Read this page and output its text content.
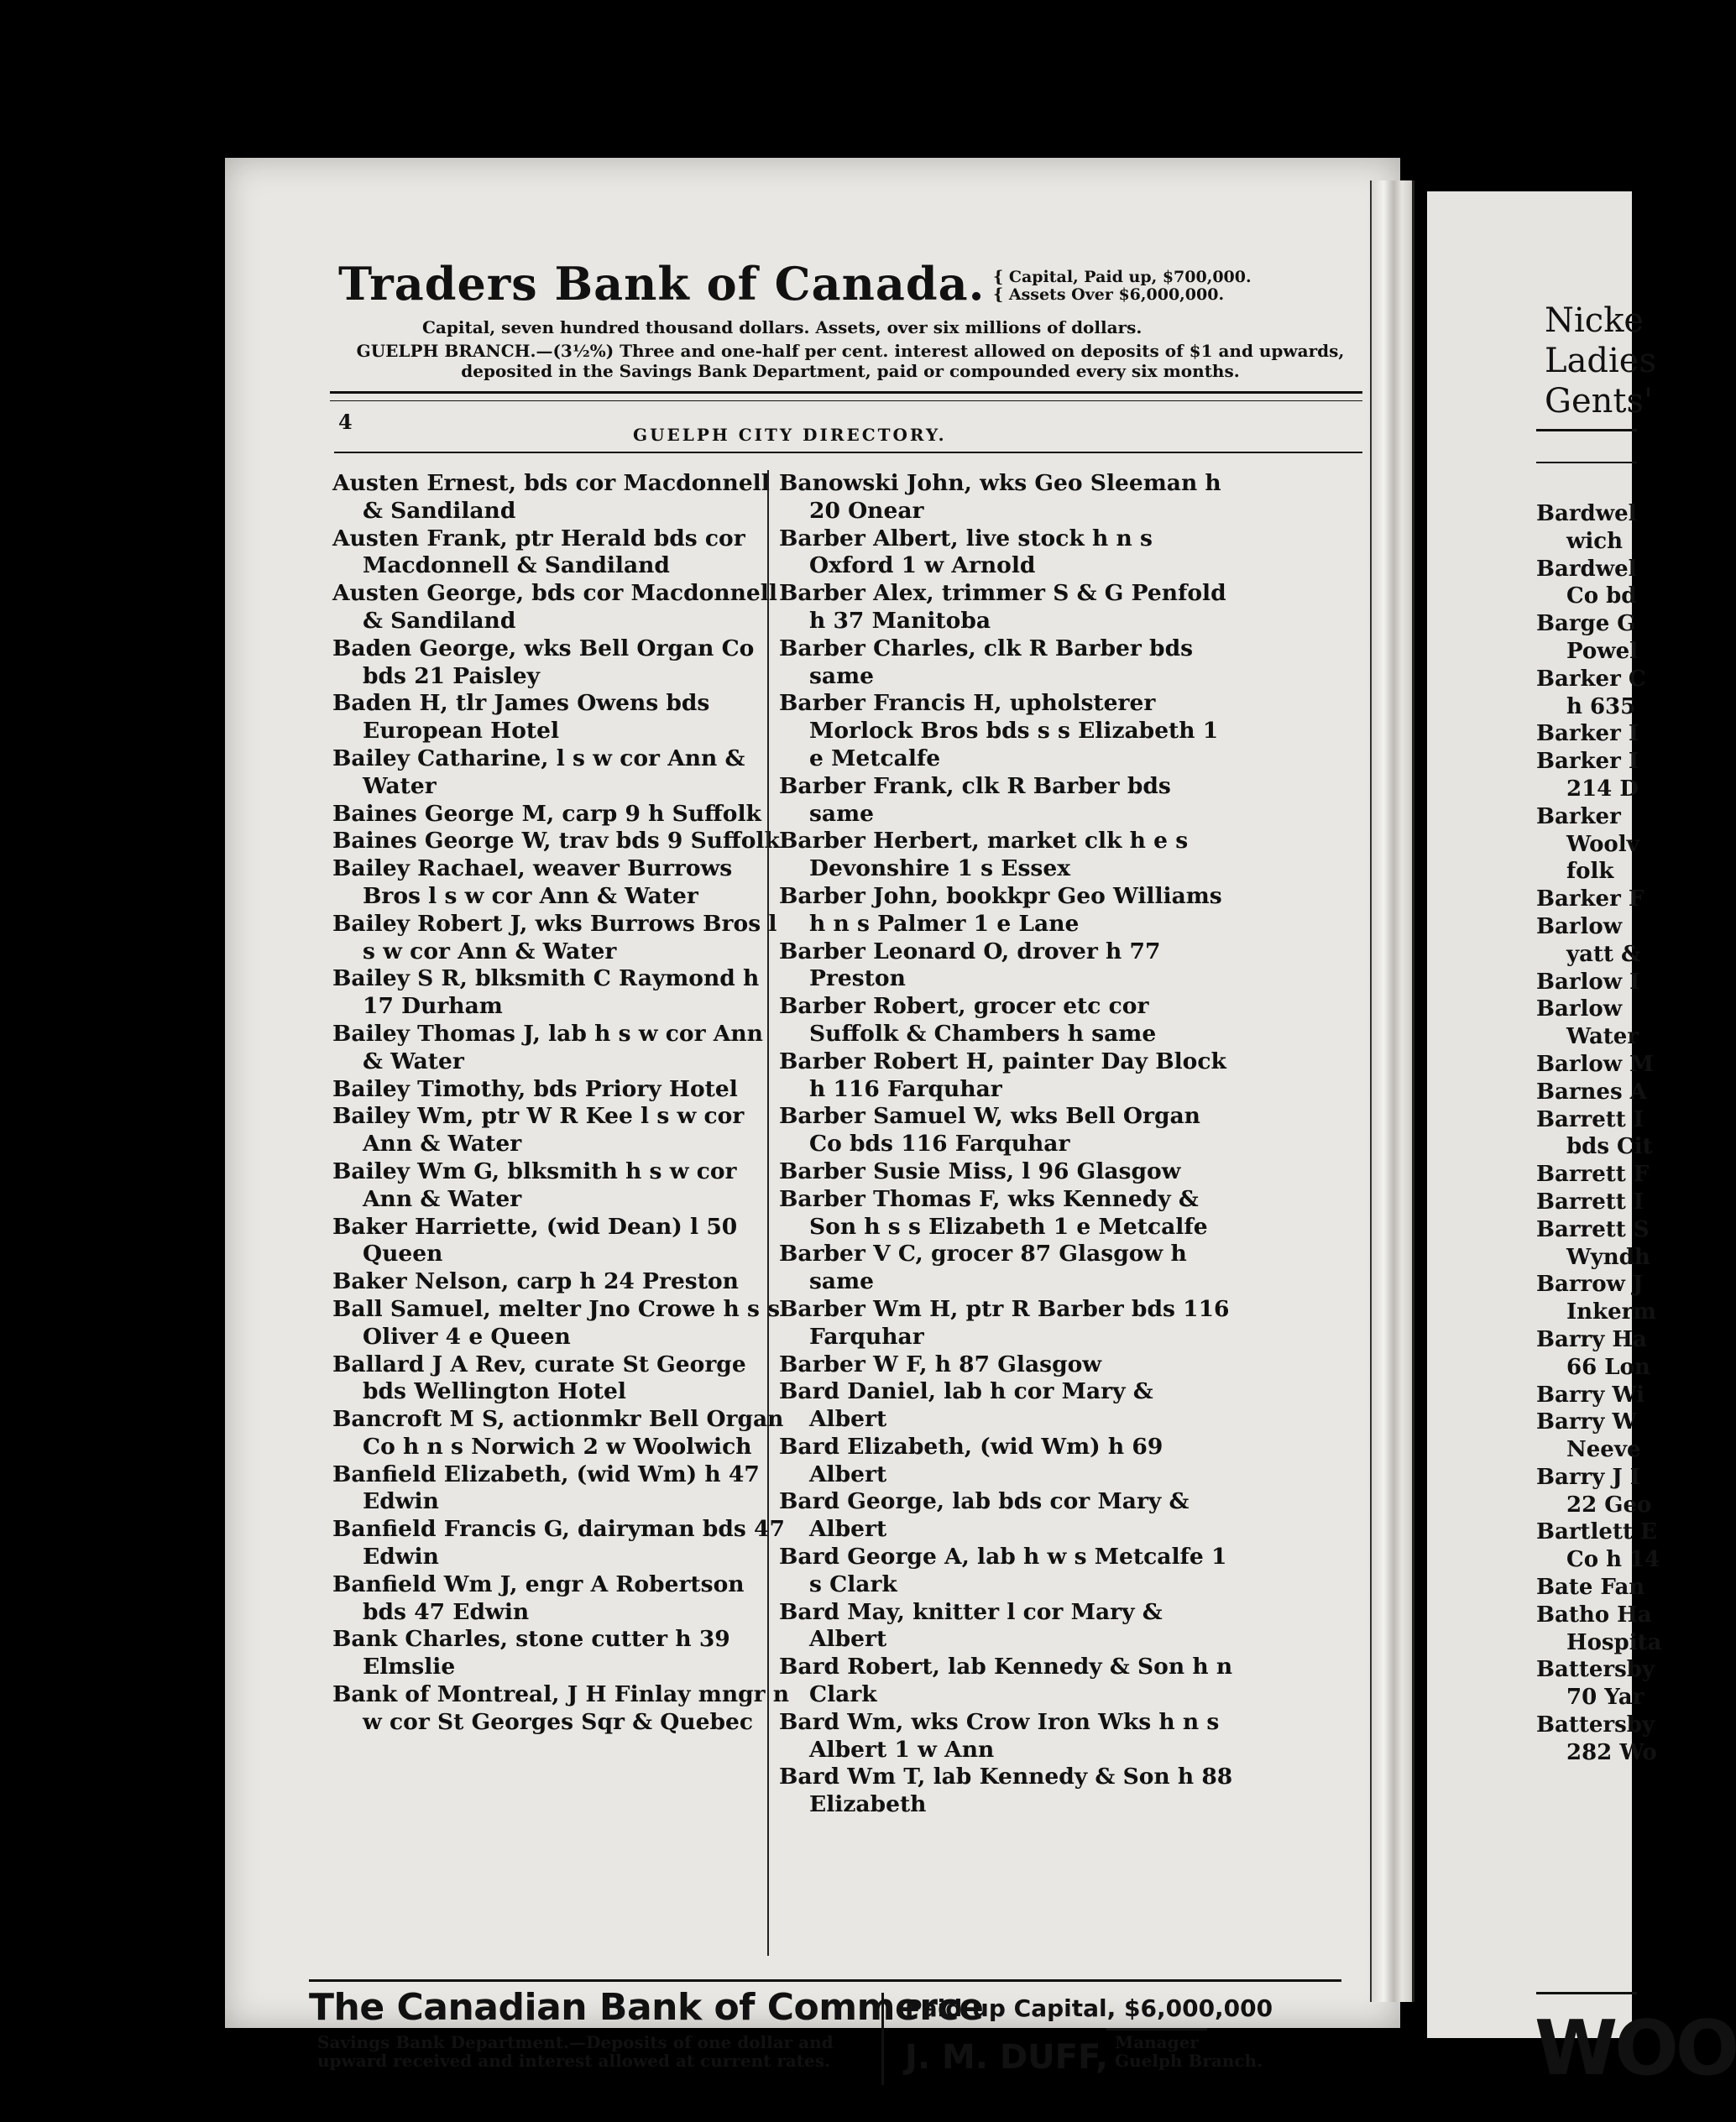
Traders Bank of Canada. { Capital, Paid up, $700,000.
{ Assets Over $6,000,000.
Capital, seven hundred thousand dollars. Assets, over six millions of dollars.
GUELPH BRANCH.—(3½%) Three and one-half per cent. interest allowed on deposits of $1 and upwards, deposited in the Savings Bank Department, paid or compounded every six months.
4
GUELPH CITY DIRECTORY.

Austen Ernest, bds cor Macdonnell & Sandiland

Austen Frank, ptr Herald bds cor Macdonnell & Sandiland

Austen George, bds cor Macdonnell & Sandiland

Baden George, wks Bell Organ Co bds 21 Paisley

Baden H, tlr James Owens bds European Hotel

Bailey Catharine, l s w cor Ann & Water

Baines George M, carp 9 h Suffolk

Baines George W, trav bds 9 Suffolk

Bailey Rachael, weaver Burrows Bros l s w cor Ann & Water

Bailey Robert J, wks Burrows Bros l s w cor Ann & Water

Bailey S R, blksmith C Raymond h 17 Durham

Bailey Thomas J, lab h s w cor Ann & Water

Bailey Timothy, bds Priory Hotel

Bailey Wm, ptr W R Kee l s w cor Ann & Water

Bailey Wm G, blksmith h s w cor Ann & Water

Baker Harriette, (wid Dean) l 50 Queen

Baker Nelson, carp h 24 Preston

Ball Samuel, melter Jno Crowe h s s Oliver 4 e Queen

Ballard J A Rev, curate St George bds Wellington Hotel

Bancroft M S, actionmkr Bell Organ Co h n s Norwich 2 w Woolwich

Banfield Elizabeth, (wid Wm) h 47 Edwin

Banfield Francis G, dairyman bds 47 Edwin

Banfield Wm J, engr A Robertson bds 47 Edwin

Bank Charles, stone cutter h 39 Elmslie

Bank of Montreal, J H Finlay mngr n w cor St Georges Sqr & Quebec

Banowski John, wks Geo Sleeman h 20 Onear

Barber Albert, live stock h n s Oxford 1 w Arnold

Barber Alex, trimmer S & G Penfold h 37 Manitoba

Barber Charles, clk R Barber bds same

Barber Francis H, upholsterer Morlock Bros bds s s Elizabeth 1 e Metcalfe

Barber Frank, clk R Barber bds same

Barber Herbert, market clk h e s Devonshire 1 s Essex

Barber John, bookkpr Geo Williams h n s Palmer 1 e Lane

Barber Leonard O, drover h 77 Preston

Barber Robert, grocer etc cor Suffolk & Chambers h same

Barber Robert H, painter Day Block h 116 Farquhar

Barber Samuel W, wks Bell Organ Co bds 116 Farquhar

Barber Susie Miss, l 96 Glasgow

Barber Thomas F, wks Kennedy & Son h s s Elizabeth 1 e Metcalfe

Barber V C, grocer 87 Glasgow h same

Barber Wm H, ptr R Barber bds 116 Farquhar

Barber W F, h 87 Glasgow

Bard Daniel, lab h cor Mary & Albert

Bard Elizabeth, (wid Wm) h 69 Albert

Bard George, lab bds cor Mary & Albert

Bard George A, lab h w s Metcalfe 1 s Clark

Bard May, knitter l cor Mary & Albert

Bard Robert, lab Kennedy & Son h n Clark

Bard Wm, wks Crow Iron Wks h n s Albert 1 w Ann

Bard Wm T, lab Kennedy & Son h 88 Elizabeth

The Canadian Bank of Commerce
Savings Bank Department.—Deposits of one dollar and
upward received and interest allowed at current rates.
Paid-up Capital, $6,000,000
J. M. DUFF, Manager
Guelph Branch.
Nicke
Ladies
Gents'
Bardwel
wich
Bardwel
Co bd
Barge G
Powel
Barker C
h 635
Barker I
Barker I
214 D
Barker
Woolv
folk
Barker F
Barlow
yatt &
Barlow I
Barlow
Water
Barlow M
Barnes A
Barrett I
bds Cit
Barrett F
Barrett I
Barrett S
Wyndh
Barrow J
Inkerm
Barry Ha
66 Lon
Barry Wi
Barry W
Neeve
Barry J I
22 Geo
Bartlett E
Co h 14
Bate Fan
Batho Ha
Hospita
Battersby
70 Yar
Battersby
282 Wo
WOO
